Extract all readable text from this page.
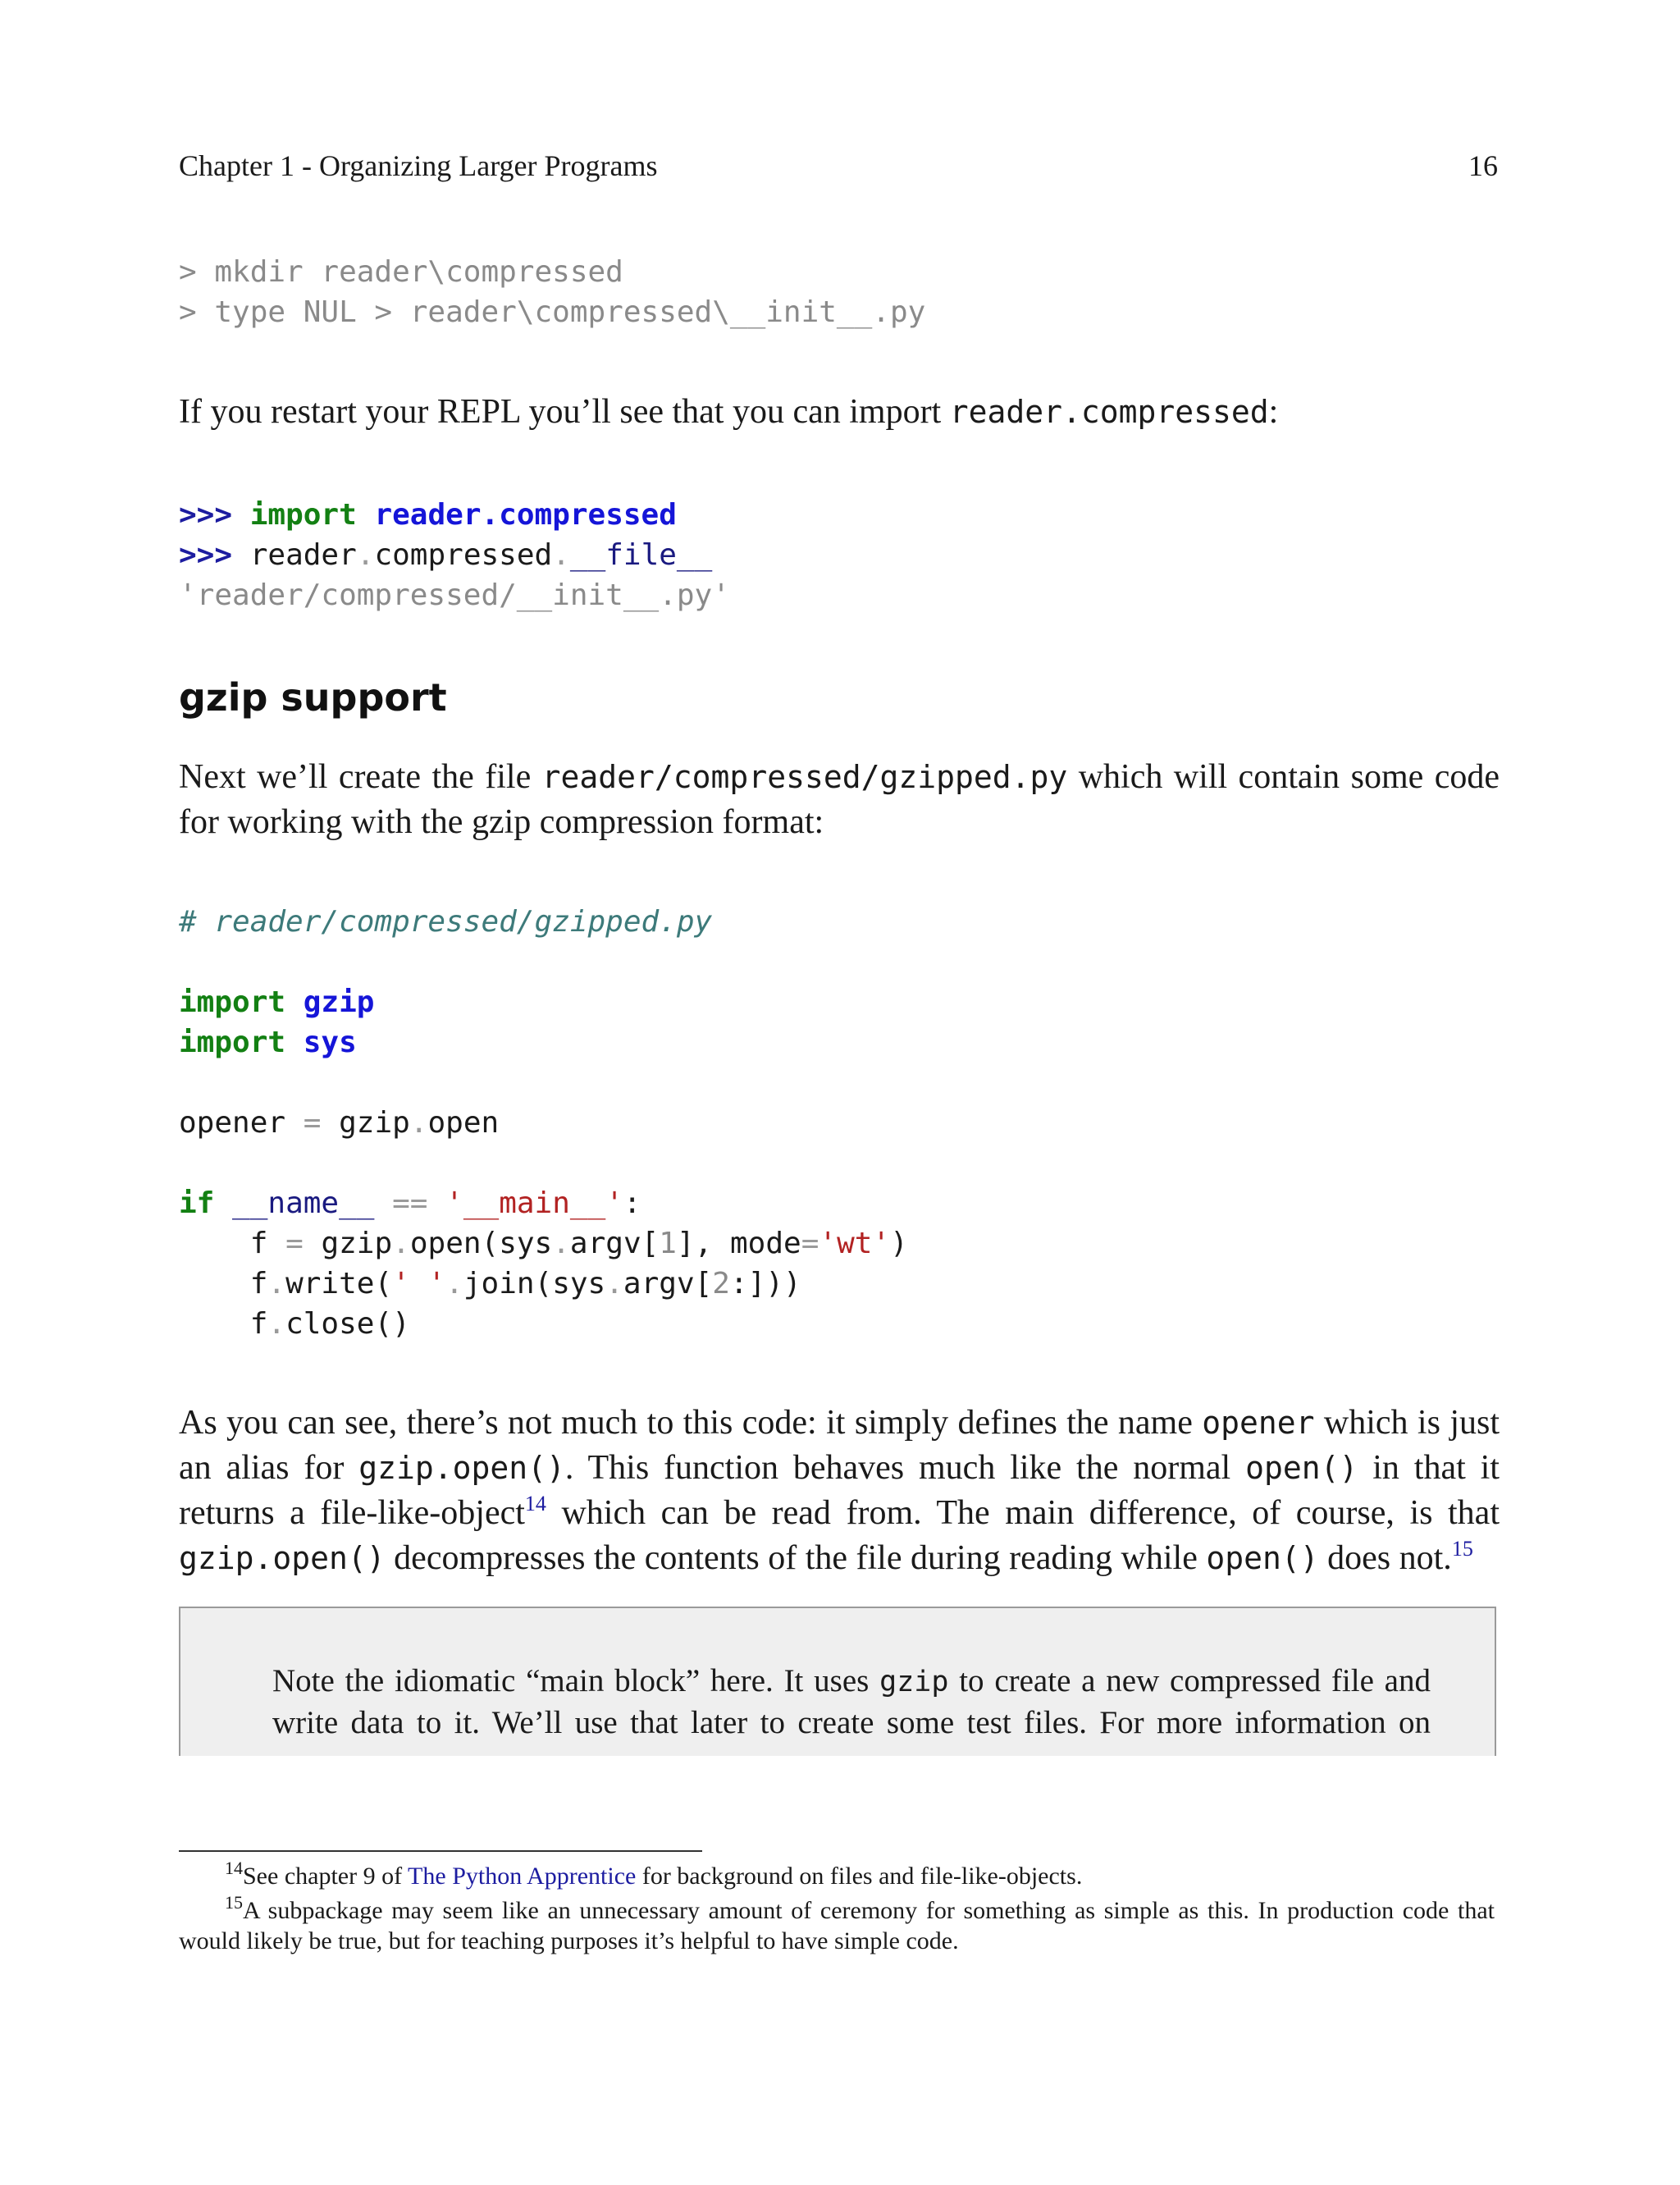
Chapter 1 - Organizing Larger Programs	16
> mkdir reader\compressed
> type NUL > reader\compressed\__init__.py
If you restart your REPL you’ll see that you can import reader.compressed:
>>> import reader.compressed
>>> reader.compressed.__file__
'reader/compressed/__init__.py'
gzip support
Next we’ll create the file reader/compressed/gzipped.py which will contain some code for working with the gzip compression format:
# reader/compressed/gzipped.py

import gzip
import sys

opener = gzip.open

if __name__ == '__main__':
f = gzip.open(sys.argv[1], mode='wt')
f.write(' '.join(sys.argv[2:]))
f.close()
As you can see, there’s not much to this code: it simply defines the name opener which is just an alias for gzip.open(). This function behaves much like the normal open() in that it returns a file-like-object$^{14}$ which can be read from. The main difference, of course, is that gzip.open() decompresses the contents of the file during reading while open() does not.$^{15}$
Note the idiomatic “main block” here. It uses gzip to create a new compressed file and write data to it. We’ll use that later to create some test files. For more information on
$^{14}$See chapter 9 of The Python Apprentice for background on files and file-like-objects.
$^{15}$A subpackage may seem like an unnecessary amount of ceremony for something as simple as this. In production code that would likely be true, but for teaching purposes it’s helpful to have simple code.
